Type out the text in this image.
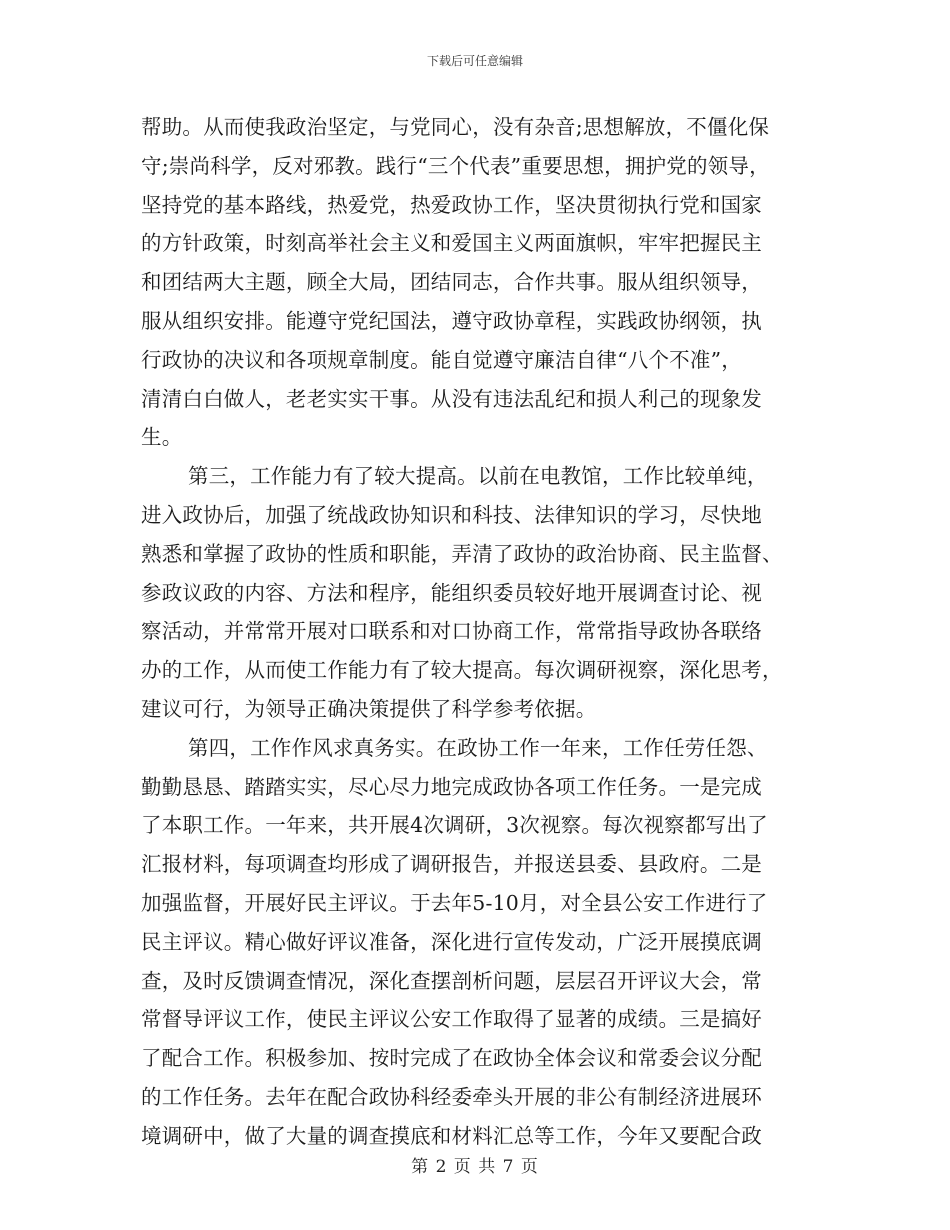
下载后可任意编辑
帮助。从而使我政治坚定，与党同心，没有杂音;思想解放，不僵化保
守;崇尚科学，反对邪教。践行“三个代表”重要思想，拥护党的领导，
坚持党的基本路线，热爱党，热爱政协工作，坚决贯彻执行党和国家
的方针政策，时刻高举社会主义和爱国主义两面旗帜，牢牢把握民主
和团结两大主题，顾全大局，团结同志，合作共事。服从组织领导，
服从组织安排。能遵守党纪国法，遵守政协章程，实践政协纲领，执
行政协的决议和各项规章制度。能自觉遵守廉洁自律“八个不准”，
清清白白做人，老老实实干事。从没有违法乱纪和损人利己的现象发
生。
第三，工作能力有了较大提高。以前在电教馆，工作比较单纯，
进入政协后，加强了统战政协知识和科技、法律知识的学习，尽快地
熟悉和掌握了政协的性质和职能，弄清了政协的政治协商、民主监督、
参政议政的内容、方法和程序，能组织委员较好地开展调查讨论、视
察活动，并常常开展对口联系和对口协商工作，常常指导政协各联络
办的工作，从而使工作能力有了较大提高。每次调研视察，深化思考，
建议可行，为领导正确决策提供了科学参考依据。
第四，工作作风求真务实。在政协工作一年来，工作任劳任怨、
勤勤恳恳、踏踏实实，尽心尽力地完成政协各项工作任务。一是完成
了本职工作。一年来，共开展4次调研，3次视察。每次视察都写出了
汇报材料，每项调查均形成了调研报告，并报送县委、县政府。二是
加强监督，开展好民主评议。于去年5-10月，对全县公安工作进行了
民主评议。精心做好评议准备，深化进行宣传发动，广泛开展摸底调
查，及时反馈调查情况，深化查摆剖析问题，层层召开评议大会，常
常督导评议工作，使民主评议公安工作取得了显著的成绩。三是搞好
了配合工作。积极参加、按时完成了在政协全体会议和常委会议分配
的工作任务。去年在配合政协科经委牵头开展的非公有制经济进展环
境调研中，做了大量的调查摸底和材料汇总等工作，今年又要配合政
第 2 页 共 7 页
